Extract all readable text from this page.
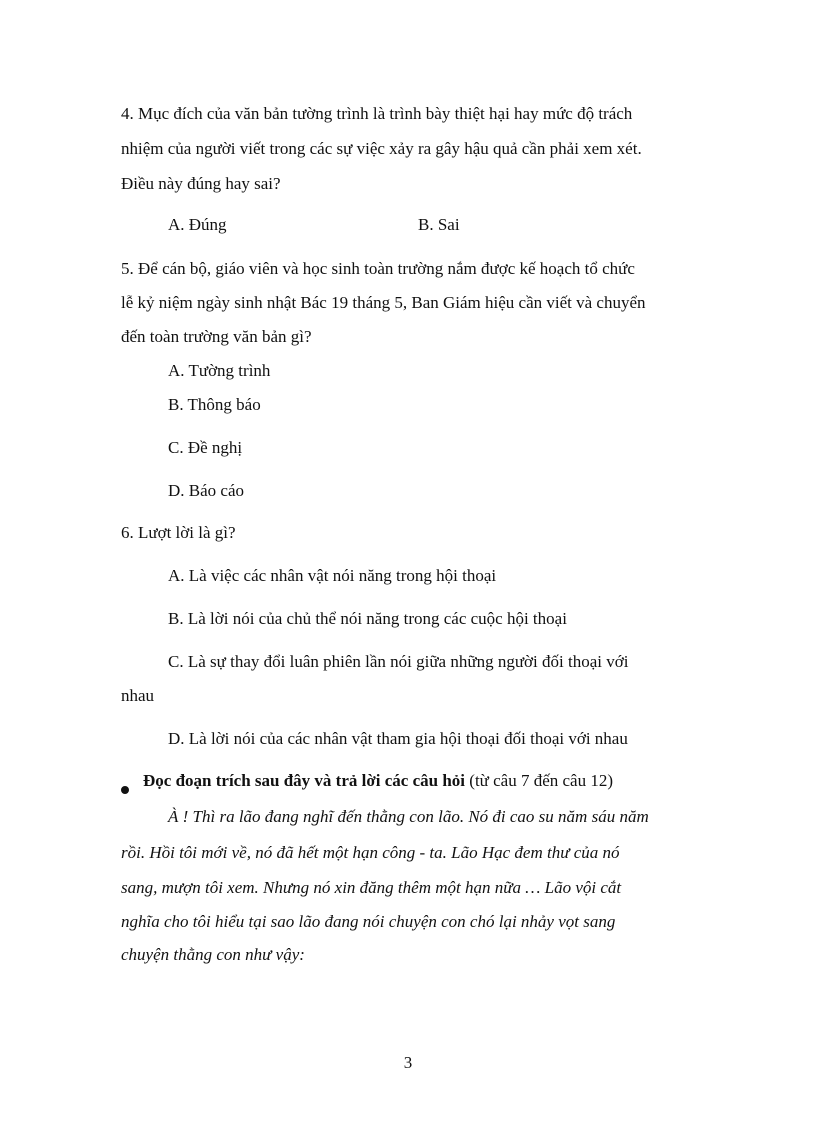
4. Mục đích của văn bản tường trình là trình bày thiệt hại hay mức độ trách
nhiệm của người viết trong các sự việc xảy ra gây hậu quả cần phải xem xét.
Điều này đúng hay sai?
A. Đúng	B. Sai
5. Để cán bộ, giáo viên và học sinh toàn trường nắm được kế hoạch tổ chức
lễ kỷ niệm ngày sinh nhật Bác 19 tháng 5, Ban Giám hiệu cần viết và chuyển
đến toàn trường văn bản gì?
A. Tường trình
B. Thông báo
C. Đề nghị
D. Báo cáo
6. Lượt lời là gì?
A. Là việc các nhân vật nói năng trong hội thoại
B. Là lời nói của chủ thể nói năng trong các cuộc hội thoại
C. Là sự thay đổi luân phiên lần nói giữa những người đối thoại với
nhau
D. Là lời nói của các nhân vật tham gia hội thoại đối thoại với nhau
Đọc đoạn trích sau đây và trả lời các câu hỏi (từ câu 7 đến câu 12)
À ! Thì ra lão đang nghĩ đến thằng con lão. Nó đi cao su năm sáu năm
rồi. Hồi tôi mới về, nó đã hết một hạn công - ta. Lão Hạc đem thư của nó
sang, mượn tôi xem. Nhưng nó xin đăng thêm một hạn nữa … Lão vội cắt
nghĩa cho tôi hiểu tại sao lão đang nói chuyện con chó lại nhảy vọt sang
chuyện thằng con như vậy:
3
